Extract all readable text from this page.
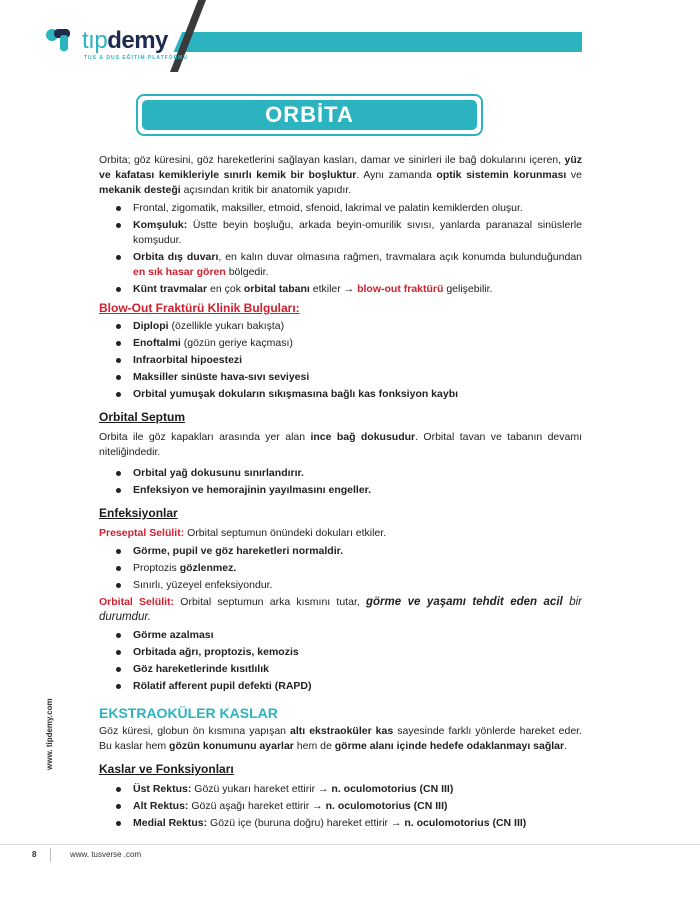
tıp demy
TUS & DUS EĞİTİM PLATFORMU
ORBİTA

Orbita; göz küresini, göz hareketlerini sağlayan kasları, damar ve sinirleri ile bağ dokularını içeren, yüz ve kafatası kemikleriyle sınırlı kemik bir boşluktur. Aynı zamanda optik sistemin korunması ve mekanik desteği açısından kritik bir anatomik yapıdır.

Frontal, zigomatik, maksiller, etmoid, sfenoid, lakrimal ve palatin kemiklerden oluşur.
Komşuluk: Üstte beyin boşluğu, arkada beyin-omurilik sıvısı, yanlarda paranazal sinüslerle komşudur.
Orbita dış duvarı, en kalın duvar olmasına rağmen, travmalara açık konumda bulunduğundan en sık hasar gören bölgedir.
Künt travmalar en çok orbital tabanı etkiler → blow-out fraktürü gelişebilir.
Blow-Out Fraktürü Klinik Bulguları:
Diplopi (özellikle yukarı bakışta)
Enoftalmi (gözün geriye kaçması)
Infraorbital hipoestezi
Maksiller sinüste hava-sıvı seviyesi
Orbital yumuşak dokuların sıkışmasına bağlı kas fonksiyon kaybı
Orbital Septum

Orbita ile göz kapakları arasında yer alan ince bağ dokusudur. Orbital tavan ve tabanın devamı niteliğindedir.

Orbital yağ dokusunu sınırlandırır.
Enfeksiyon ve hemorajinin yayılmasını engeller.
Enfeksiyonlar

Preseptal Selülit: Orbital septumun önündeki dokuları etkiler.

Görme, pupil ve göz hareketleri normaldir.
Proptozis gözlenmez.
Sınırlı, yüzeyel enfeksiyondur.

Orbital Selülit: Orbital septumun arka kısmını tutar, görme ve yaşamı tehdit eden acil bir durumdur.

Görme azalması
Orbitada ağrı, proptozis, kemozis
Göz hareketlerinde kısıtlılık
Rölatif afferent pupil defekti (RAPD)
EKSTRAOKÜLER KASLAR

Göz küresi, globun ön kısmına yapışan altı ekstraoküler kas sayesinde farklı yönlerde hareket eder. Bu kaslar hem gözün konumunu ayarlar hem de görme alanı içinde hedefe odaklanmayı sağlar.

Kaslar ve Fonksiyonları
Üst Rektus: Gözü yukarı hareket ettirir → n. oculomotorius (CN III)
Alt Rektus: Gözü aşağı hareket ettirir → n. oculomotorius (CN III)
Medial Rektus: Gözü içe (buruna doğru) hareket ettirir → n. oculomotorius (CN III)
www. tipdemy.com
8	www. tusverse .com
